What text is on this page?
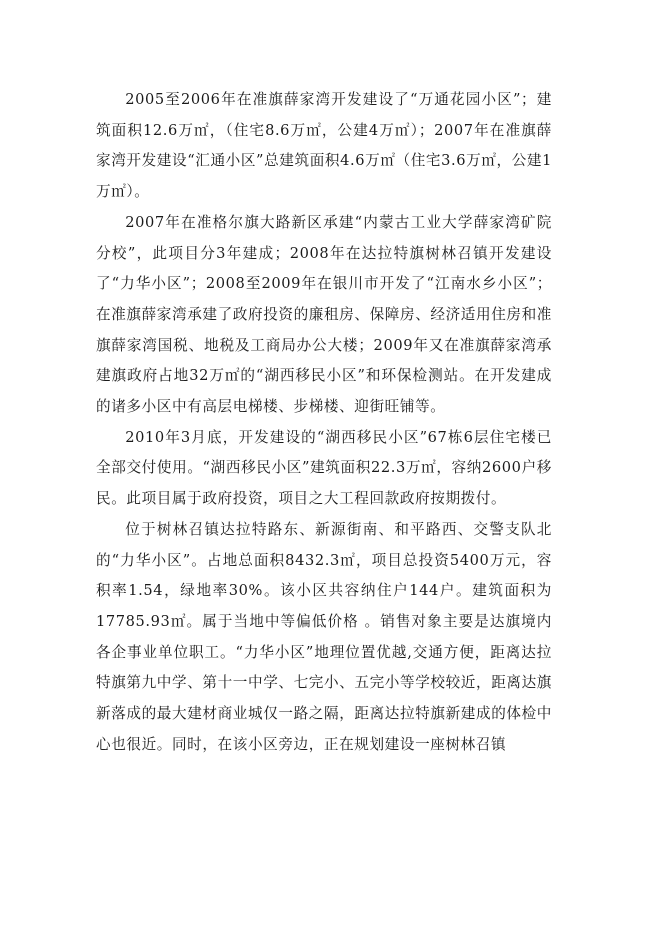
2005至2006年在准旗薛家湾开发建设了“万通花园小区”；建筑面积12.6万㎡，（住宅8.6万㎡，公建4万㎡）；2007年在准旗薛家湾开发建设“汇通小区”总建筑面积4.6万㎡（住宅3.6万㎡，公建1万㎡）。

2007年在准格尔旗大路新区承建“内蒙古工业大学薛家湾矿院分校”，此项目分3年建成；2008年在达拉特旗树林召镇开发建设了“力华小区”；2008至2009年在银川市开发了“江南水乡小区”；在准旗薛家湾承建了政府投资的廉租房、保障房、经济适用住房和准旗薛家湾国税、地税及工商局办公大楼；2009年又在准旗薛家湾承建旗政府占地32万㎡的“湖西移民小区”和环保检测站。在开发建成的诸多小区中有高层电梯楼、步梯楼、迎街旺铺等。

2010年3月底，开发建设的“湖西移民小区”67栋6层住宅楼已全部交付使用。“湖西移民小区”建筑面积22.3万㎡，容纳2600户移民。此项目属于政府投资，项目之大工程回款政府按期拨付。

位于树林召镇达拉特路东、新源街南、和平路西、交警支队北的“力华小区”。占地总面积8432.3㎡，项目总投资5400万元，容积率1.54，绿地率30%。该小区共容纳住户144户。建筑面积为17785.93㎡。属于当地中等偏低价格 。销售对象主要是达旗境内各企事业单位职工。“力华小区”地理位置优越,交通方便，距离达拉特旗第九中学、第十一中学、七完小、五完小等学校较近，距离达旗新落成的最大建材商业城仅一路之隔，距离达拉特旗新建成的体检中心也很近。同时，在该小区旁边，正在规划建设一座树林召镇
